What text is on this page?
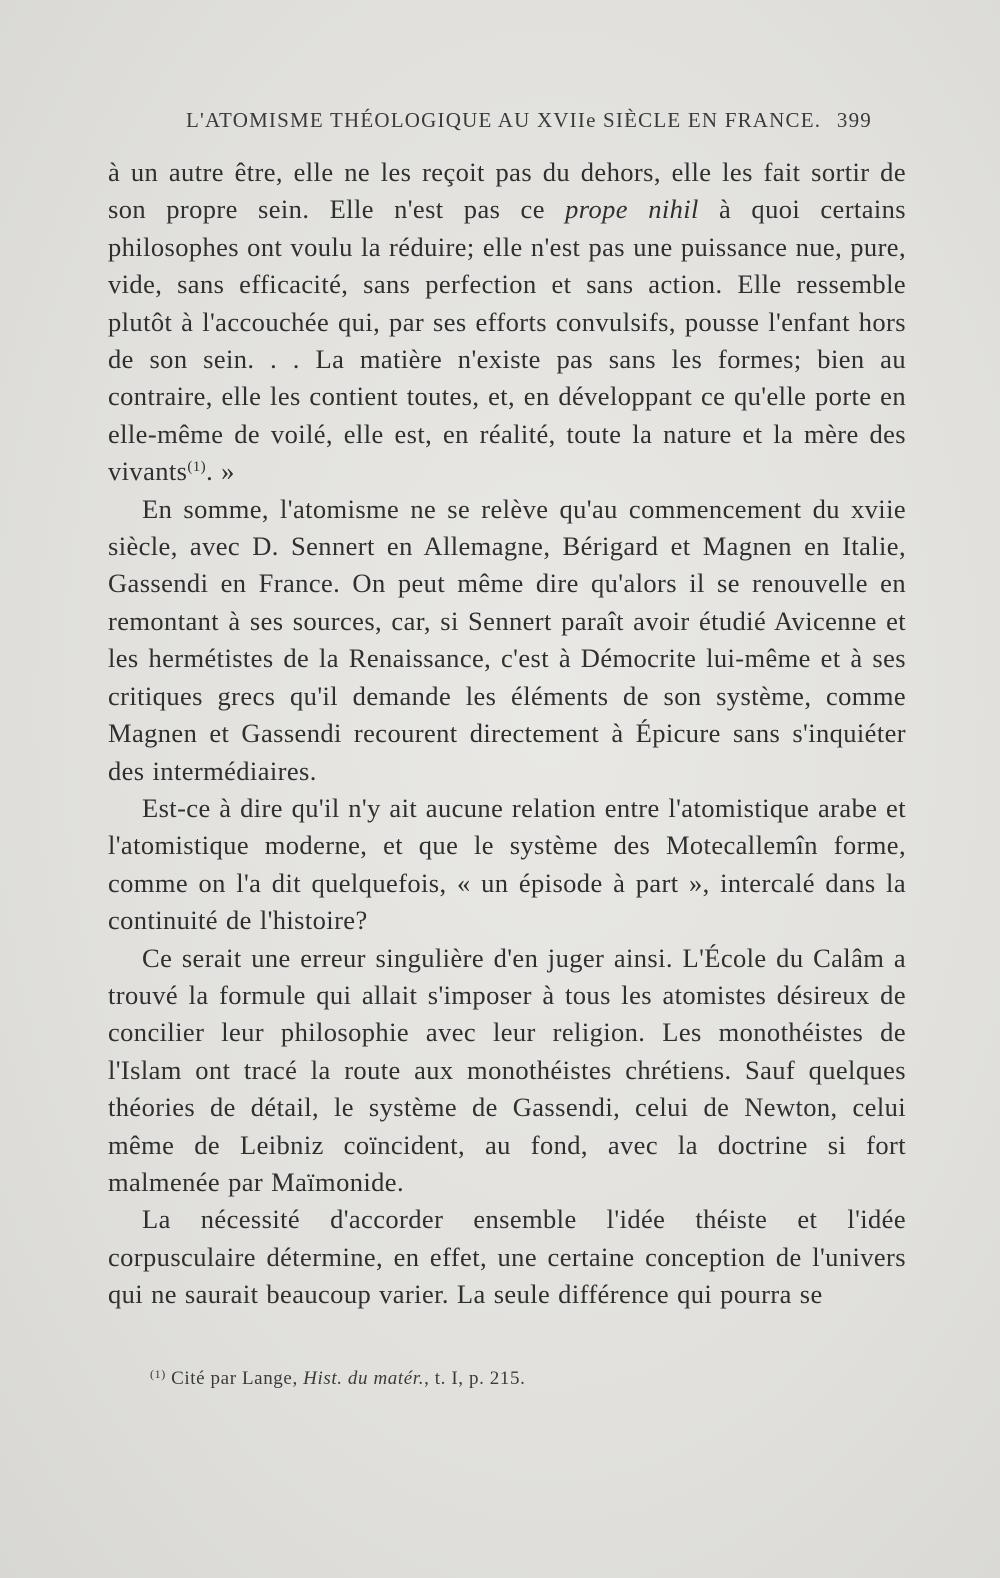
L'ATOMISME THÉOLOGIQUE AU XVIIe SIÈCLE EN FRANCE. 399

à un autre être, elle ne les reçoit pas du dehors, elle les fait sortir de son propre sein. Elle n'est pas ce prope nihil à quoi certains philosophes ont voulu la réduire; elle n'est pas une puissance nue, pure, vide, sans efficacité, sans perfection et sans action. Elle ressemble plutôt à l'accouchée qui, par ses efforts convulsifs, pousse l'enfant hors de son sein. . . La matière n'existe pas sans les formes; bien au contraire, elle les contient toutes, et, en développant ce qu'elle porte en elle-même de voilé, elle est, en réalité, toute la nature et la mère des vivants$^{(1)}$. »

En somme, l'atomisme ne se relève qu'au commencement du xviie siècle, avec D. Sennert en Allemagne, Bérigard et Magnen en Italie, Gassendi en France. On peut même dire qu'alors il se renouvelle en remontant à ses sources, car, si Sennert paraît avoir étudié Avicenne et les hermétistes de la Renaissance, c'est à Démocrite lui-même et à ses critiques grecs qu'il demande les éléments de son système, comme Magnen et Gassendi recourent directement à Épicure sans s'inquiéter des intermédiaires.

Est-ce à dire qu'il n'y ait aucune relation entre l'atomistique arabe et l'atomistique moderne, et que le système des Motecallemîn forme, comme on l'a dit quelquefois, « un épisode à part », intercalé dans la continuité de l'histoire?

Ce serait une erreur singulière d'en juger ainsi. L'École du Calâm a trouvé la formule qui allait s'imposer à tous les atomistes désireux de concilier leur philosophie avec leur religion. Les monothéistes de l'Islam ont tracé la route aux monothéistes chrétiens. Sauf quelques théories de détail, le système de Gassendi, celui de Newton, celui même de Leibniz coïncident, au fond, avec la doctrine si fort malmenée par Maïmonide.

La nécessité d'accorder ensemble l'idée théiste et l'idée corpusculaire détermine, en effet, une certaine conception de l'univers qui ne saurait beaucoup varier. La seule différence qui pourra se

$^{(1)}$ Cité par Lange, Hist. du matér., t. I, p. 215.
